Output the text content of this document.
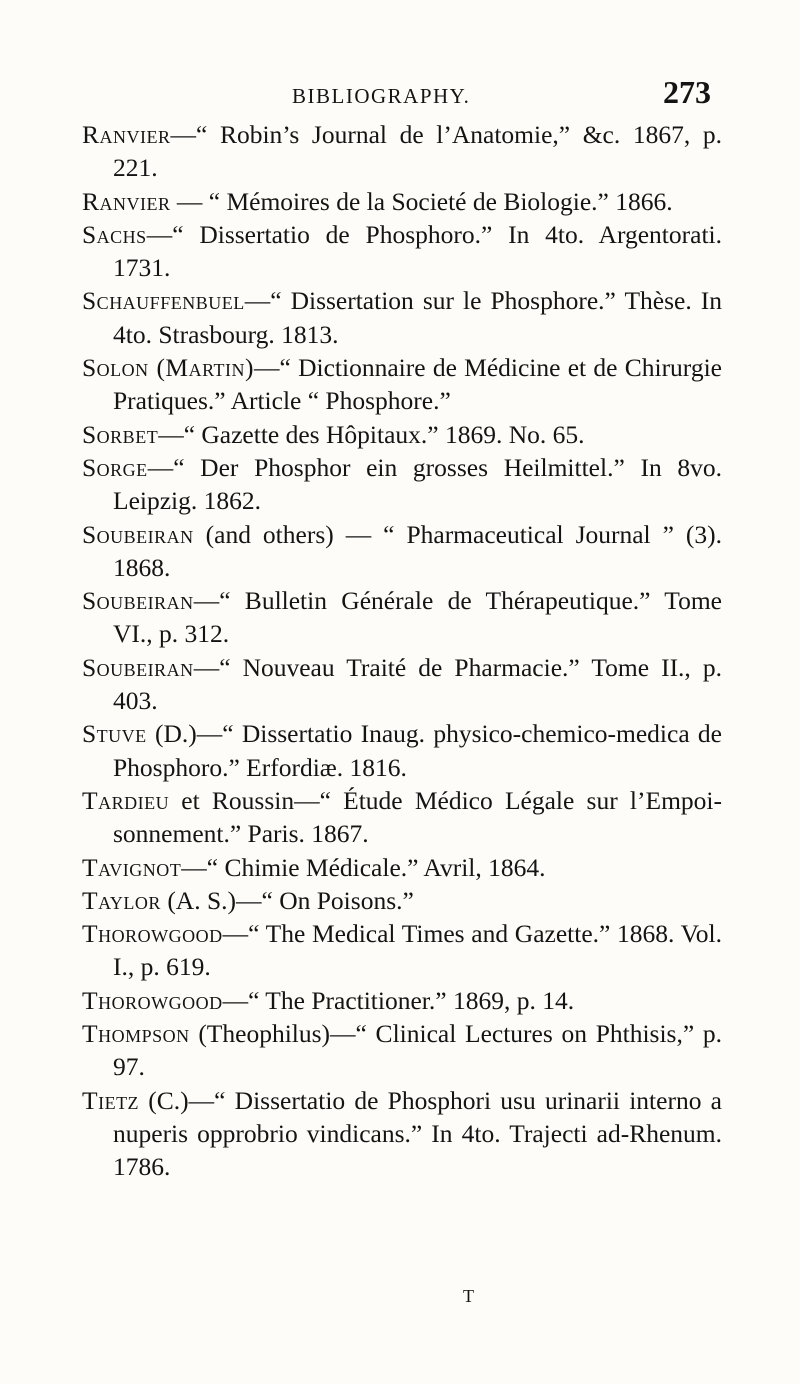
BIBLIOGRAPHY.	273
Ranvier—“ Robin’s Journal de l’Anatomie,” &c. 1867, p. 221.
Ranvier — “ Mémoires de la Societé de Biologie.” 1866.
Sachs—“ Dissertatio de Phosphoro.” In 4to. Argentorati. 1731.
Schauffenbuel—“ Dissertation sur le Phosphore.” Thèse. In 4to. Strasbourg. 1813.
Solon (Martin)—“ Dictionnaire de Médicine et de Chirurgie Pratiques.” Article “ Phosphore.”
Sorbet—“ Gazette des Hôpitaux.” 1869. No. 65.
Sorge—“ Der Phosphor ein grosses Heilmittel.” In 8vo. Leipzig. 1862.
Soubeiran (and others) — “ Pharmaceutical Journal ” (3). 1868.
Soubeiran—“ Bulletin Générale de Thérapeutique.” Tome VI., p. 312.
Soubeiran—“ Nouveau Traité de Pharmacie.” Tome II., p. 403.
Stuve (D.)—“ Dissertatio Inaug. physico-chemico-medica de Phosphoro.” Erfordiæ. 1816.
Tardieu et Roussin—“ Étude Médico Légale sur l’Empoi-sonnement.” Paris. 1867.
Tavignot—“ Chimie Médicale.” Avril, 1864.
Taylor (A. S.)—“ On Poisons.”
Thorowgood—“ The Medical Times and Gazette.” 1868. Vol. I., p. 619.
Thorowgood—“ The Practitioner.” 1869, p. 14.
Thompson (Theophilus)—“ Clinical Lectures on Phthisis,” p. 97.
Tietz (C.)—“ Dissertatio de Phosphori usu urinarii interno a nuperis opprobrio vindicans.” In 4to. Trajecti ad-Rhenum. 1786.
T
